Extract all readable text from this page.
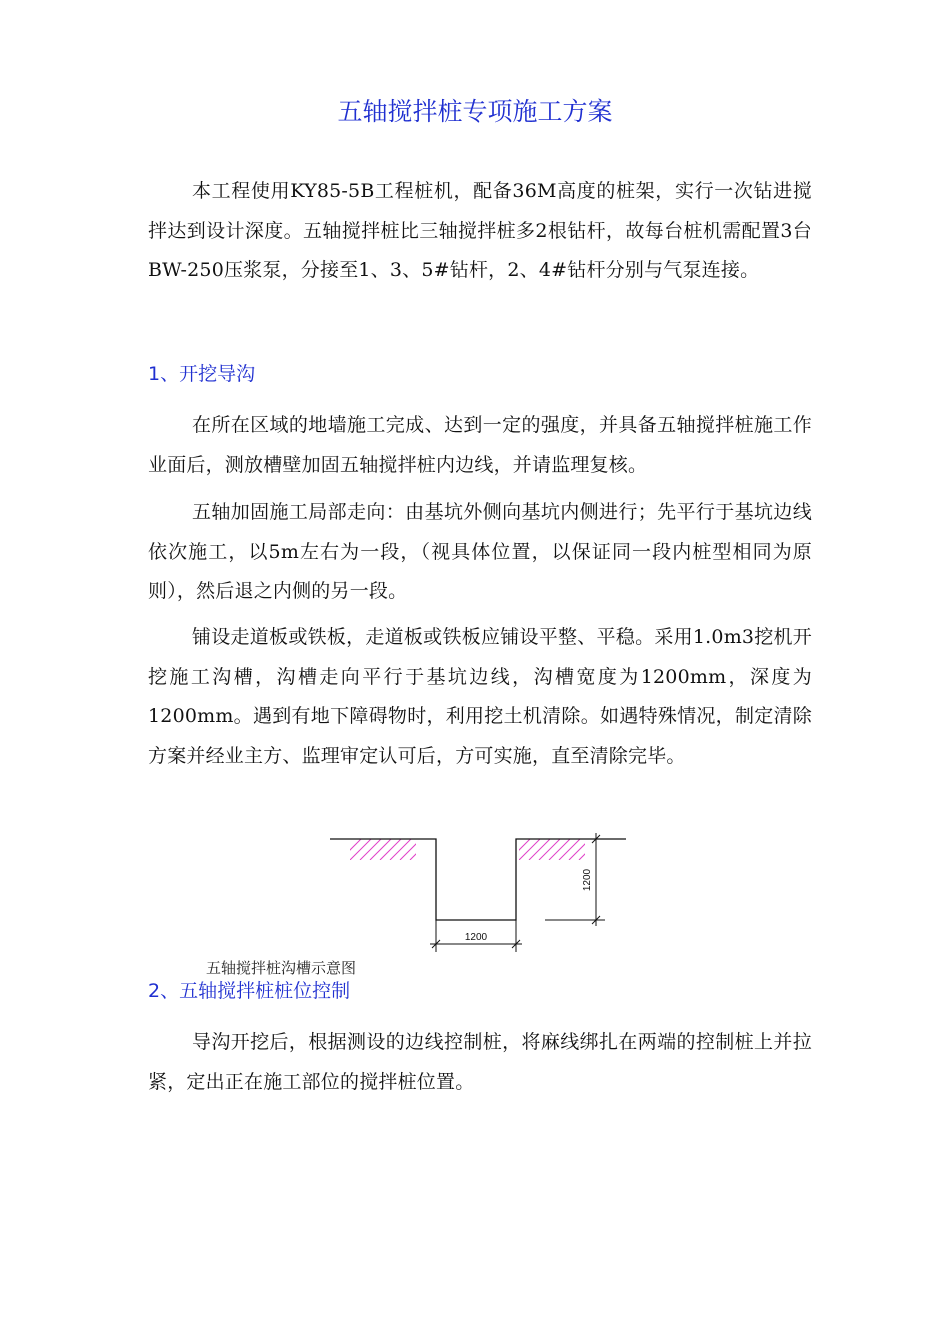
五轴搅拌桩专项施工方案

本工程使用KY85-5B工程桩机，配备36M高度的桩架，实行一次钻进搅拌达到设计深度。五轴搅拌桩比三轴搅拌桩多2根钻杆，故每台桩机需配置3台BW-250压浆泵，分接至1、3、5#钻杆，2、4#钻杆分别与气泵连接。

1、开挖导沟

在所在区域的地墙施工完成、达到一定的强度，并具备五轴搅拌桩施工作业面后，测放槽壁加固五轴搅拌桩内边线，并请监理复核。

五轴加固施工局部走向：由基坑外侧向基坑内侧进行；先平行于基坑边线依次施工，以5m左右为一段，（视具体位置，以保证同一段内桩型相同为原则），然后退之内侧的另一段。

铺设走道板或铁板，走道板或铁板应铺设平整、平稳。采用1.0m3挖机开挖施工沟槽，沟槽走向平行于基坑边线，沟槽宽度为1200mm，深度为1200mm。遇到有地下障碍物时，利用挖土机清除。如遇特殊情况，制定清除方案并经业主方、监理审定认可后，方可实施，直至清除完毕。

1200
1200

五轴搅拌桩沟槽示意图

2、五轴搅拌桩桩位控制

导沟开挖后，根据测设的边线控制桩，将麻线绑扎在两端的控制桩上并拉紧，定出正在施工部位的搅拌桩位置。
